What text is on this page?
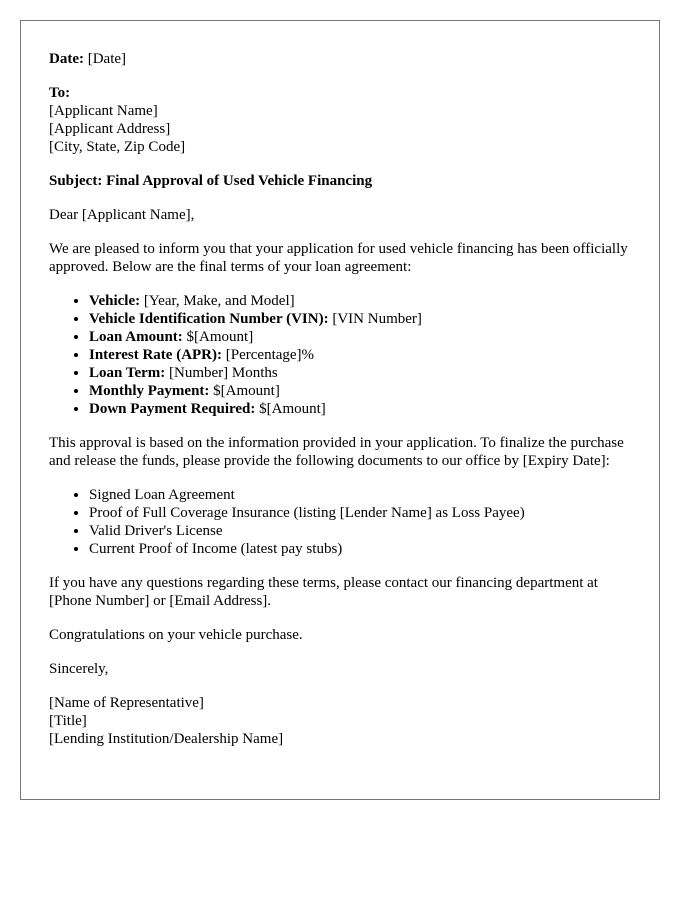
Date: [Date]

To:
[Applicant Name]
[Applicant Address]
[City, State, Zip Code]

Subject: Final Approval of Used Vehicle Financing

Dear [Applicant Name],

We are pleased to inform you that your application for used vehicle financing has been officially approved. Below are the final terms of your loan agreement:

• Vehicle: [Year, Make, and Model]
• Vehicle Identification Number (VIN): [VIN Number]
• Loan Amount: $[Amount]
• Interest Rate (APR): [Percentage]%
• Loan Term: [Number] Months
• Monthly Payment: $[Amount]
• Down Payment Required: $[Amount]

This approval is based on the information provided in your application. To finalize the purchase and release the funds, please provide the following documents to our office by [Expiry Date]:

• Signed Loan Agreement
• Proof of Full Coverage Insurance (listing [Lender Name] as Loss Payee)
• Valid Driver's License
• Current Proof of Income (latest pay stubs)

If you have any questions regarding these terms, please contact our financing department at [Phone Number] or [Email Address].

Congratulations on your vehicle purchase.

Sincerely,

[Name of Representative]
[Title]
[Lending Institution/Dealership Name]
